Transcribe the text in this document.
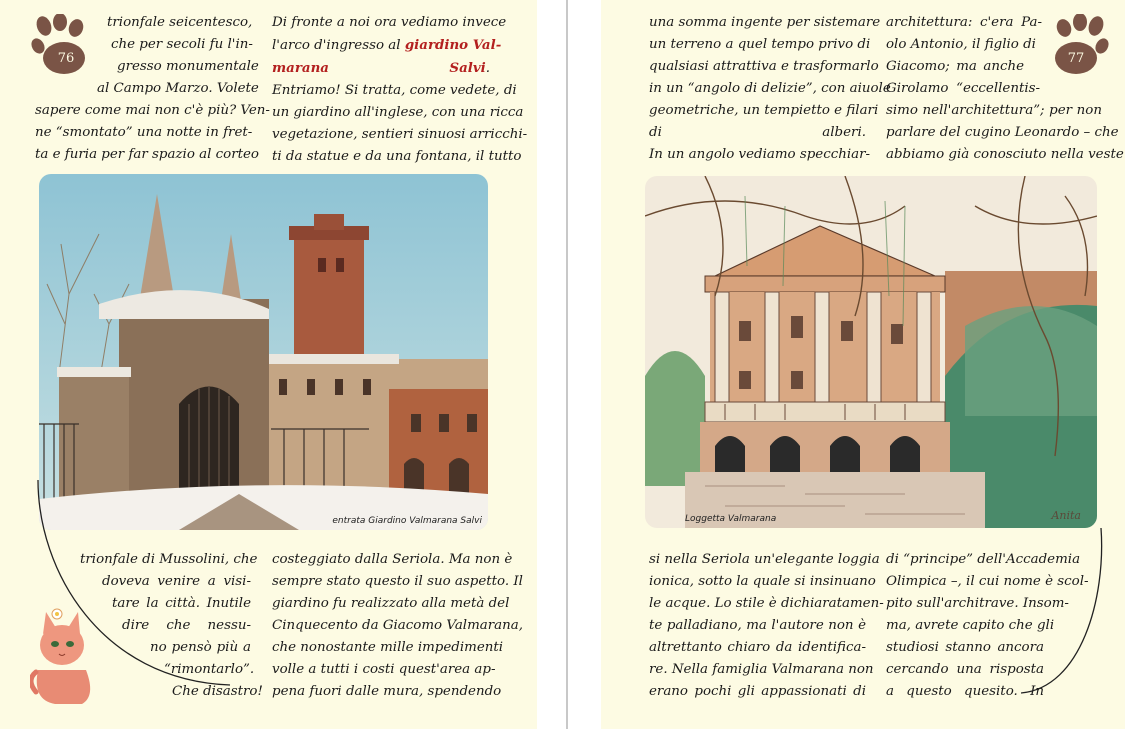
76
trionfale seicentesco,
che per secoli fu l'in-
gresso monumentale
al Campo Marzo. Volete
sapere come mai non c'è più? Ven-
ne “smontato” una notte in fret-
ta e furia per far spazio al corteo
Di fronte a noi ora vediamo invece
l'arco d'ingresso al giardino Val-
marana Salvi.
Entriamo! Si tratta, come vedete, di
un giardino all'inglese, con una ricca
vegetazione, sentieri sinuosi arricchi-
ti da statue e da una fontana, il tutto
entrata Giardino Valmarana Salvi
trionfale di Mussolini, che
doveva venire a visi-
tare la città. Inutile
dire che nessu-
no pensò più a
“rimontarlo”.
Che disastro!
costeggiato dalla Seriola. Ma non è
sempre stato questo il suo aspetto. Il
giardino fu realizzato alla metà del
Cinquecento da Giacomo Valmarana,
che nonostante mille impedimenti
volle a tutti i costi quest'area ap-
pena fuori dalle mura, spendendo
una somma ingente per sistemare
un terreno a quel tempo privo di
qualsiasi attrattiva e trasformarlo
in un “angolo di delizie”, con aiuole
geometriche, un tempietto e filari
di alberi.
In un angolo vediamo specchiar-
architettura: c'era Pa-
olo Antonio, il figlio di
Giacomo; ma anche
Girolamo “eccellentis-
simo nell'architettura”; per non
parlare del cugino Leonardo – che
abbiamo già conosciuto nella veste
77
Loggetta Valmarana	Anita
si nella Seriola un'elegante loggia
ionica, sotto la quale si insinuano
le acque. Lo stile è dichiaratamen-
te palladiano, ma l'autore non è
altrettanto chiaro da identifica-
re. Nella famiglia Valmarana non
erano pochi gli appassionati di
di “principe” dell'Accademia
Olimpica –, il cui nome è scol-
pito sull'architrave. Insom-
ma, avrete capito che gli
studiosi stanno ancora
cercando una risposta
a questo quesito. In
